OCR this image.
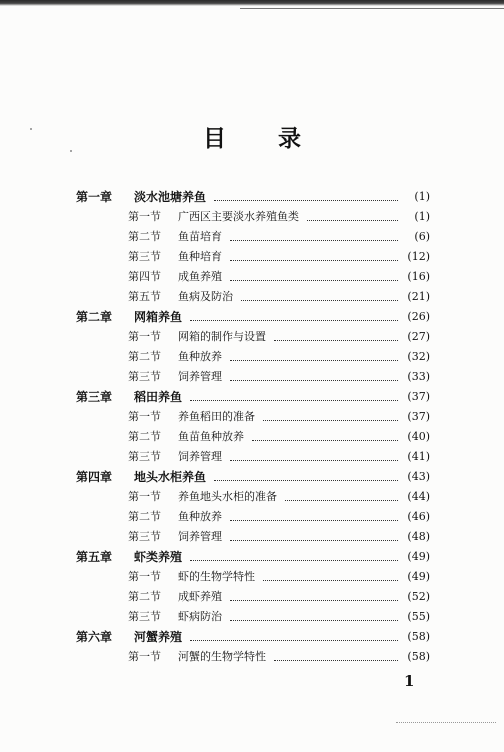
目 录
第一章	淡水池塘养鱼	(1)
第一节	广西区主要淡水养殖鱼类	(1)
第二节	鱼苗培育	(6)
第三节	鱼种培育	(12)
第四节	成鱼养殖	(16)
第五节	鱼病及防治	(21)
第二章	网箱养鱼	(26)
第一节	网箱的制作与设置	(27)
第二节	鱼种放养	(32)
第三节	饲养管理	(33)
第三章	稻田养鱼	(37)
第一节	养鱼稻田的准备	(37)
第二节	鱼苗鱼种放养	(40)
第三节	饲养管理	(41)
第四章	地头水柜养鱼	(43)
第一节	养鱼地头水柜的准备	(44)
第二节	鱼种放养	(46)
第三节	饲养管理	(48)
第五章	虾类养殖	(49)
第一节	虾的生物学特性	(49)
第二节	成虾养殖	(52)
第三节	虾病防治	(55)
第六章	河蟹养殖	(58)
第一节	河蟹的生物学特性	(58)
1
